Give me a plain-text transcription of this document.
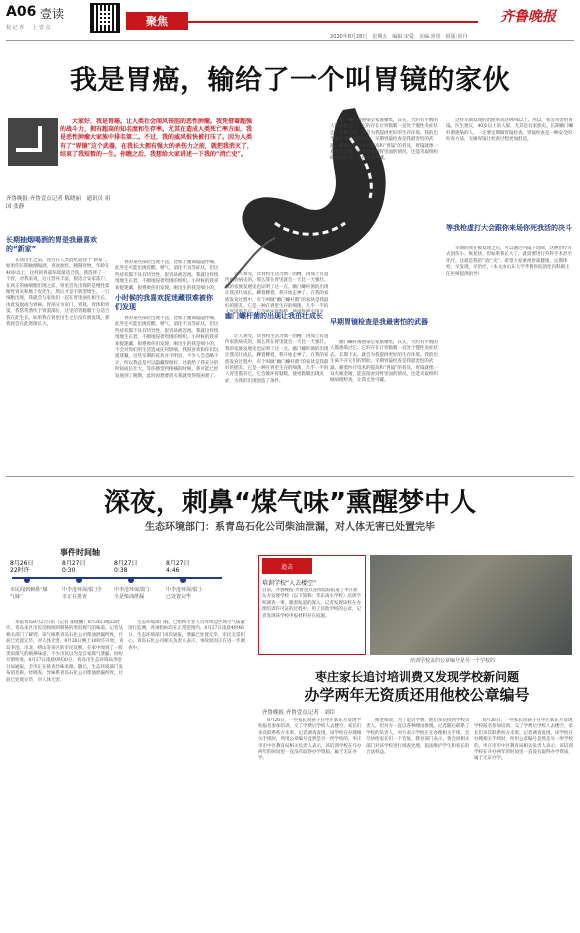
A06 壹读
校 记 者 　 上 壹 点	聚焦	齐鲁晚报
2020年8月28日　星期五　编辑:宋爱　美编:喜彤　组版:侯丹
我是胃癌，输给了一个叫胃镜的家伙
大家好，我是胃癌。让人类社会闻风丧胆的恶性肿瘤。我凭借着超强的战斗力，拥有超高的知名度和生存率。尤其在造成人类死亡率方面，我是恶性肿瘤大家族中排名第二。不过，我的威风很快被打压了。因为人类有了“胃镜”这个武器，在我长大拥有强大的杀伤力之前，就把我消灭了，结束了我短暂的一生。你瞧之后，我想给大家讲述一下我的“消亡史”。
齐鲁晚报·齐鲁壹点记者 陈晓丽　通讯员 祖国 张静
长期抽烟喝酒的胃是我最喜欢的“新家”
在我出生之前，我会在人类消化道找个“新家”。如果你长期抽烟喝酒，喜欢油炸、腌制食物，年龄在40岁以上，这样的胃部环境最适合我。我选择了一个胃，对我来说，这儿营养丰富，很适合安家落户。在真正的癌细胞出现之前，胃里首先出现的是慢性萎缩性胃炎和肠上皮化生，然后才是不典型增生。一旦细胞出现，我就会与家伙们一起在胃里面扎根生长、由此发展成为胃癌。胃部分为贲门、胃底、胃体和胃窦，我常常潜伏于胃窦部位，这里的胃黏膜十分适合我在此生长。如果我在胃里出生之后没有被发现，那我将会在此逐渐长大。
胃的某些部位出现不适，比如上腹部隐隐作痛。此外还可能出现反酸、嗳气、消化不良等症状，但这些症状都不具有特异性，很容易被忽视。我就这样悄悄地生长着，不断地侵袭周围的组织。小时候的我喜欢捉迷藏，很难被你们发现。刚出生的我是细小的，
小时候的我喜欢捉迷藏很难被你们发现
胃的某些部位出现不适，比如上腹部隐隐作痛。此外还可能出现反酸、嗳气、消化不良等症状，但这些症状都不具有特异性，很容易被忽视。我就这样悄悄地生长着，不断地侵袭周围的组织。小时候的我喜欢捉迷藏，很难被你们发现。刚出生的我是细小的，不会对你们的生活造成任何影响。我很喜欢和你们玩捉迷藏，这些早期的症状并不明显，不少人会忽略不计，所以我总是可以隐藏得很好。这就给了我充分的时间成长壮大。等你感觉到疼痛的时候，我可能已经发展到了晚期，此时再想要消灭我就变得很困难了。
让人难受，饮食和生活习惯一团糟，再加上有遗传家族病史的，那么我在胃里就会一天比一天强壮。我的家族发展史也证明了这一点。幽门螺杆菌的出现让我茁壮成长。聊着聊着，我开始走神了。在我的家族发育过程中，有个叫做“幽门螺杆菌”的家伙是我最好的朋友。它是一种在胃里生存的细菌，几乎一半的
幽门螺杆菌的出现让我茁壮成长
让人难受，饮食和生活习惯一团糟，再加上有遗传家族病史的，那么我在胃里就会一天比一天强壮。我的家族发展史也证明了这一点。幽门螺杆菌的出现让我茁壮成长。聊着聊着，我开始走神了。在我的家族发育过程中，有个叫做“幽门螺杆菌”的家伙是我最好的朋友。它是一种在胃里生存的细菌，几乎一半的人胃里都有它，它会破坏胃黏膜，使胃黏膜出现炎症，为我的出现创造了条件。
幽门螺杆菌感染呈家族聚集，其实，大约有半数的人都感染过它。它的存在让胃黏膜一直处于慢性炎症状态，长期下去，就会为我提供更好的生存环境。我的出生离不开它们的帮助。早期胃镜检查是我最害怕的武器。随着医疗技术的提高和“胃镜”的普及，胃镜就像一双火眼金睛，能直接看到胃里面的情况，还能夹取组织做病理检查，让我无处可藏。
早期胃镜检查是我最害怕的武器
幽门螺杆菌感染呈家族聚集，其实，大约有半数的人都感染过它。它的存在让胃黏膜一直处于慢性炎症状态，长期下去，就会为我提供更好的生存环境。我的出生离不开它们的帮助。早期胃镜检查是我最害怕的武器。随着医疗技术的提高和“胃镜”的普及，胃镜就像一双火眼金睛，能直接看到胃里面的情况，还能夹取组织做病理检查，让我无处可藏。
这样早期发现的治愈率高达90%以上。所以，我非常害怕胃镜。医生建议，40岁以上的人群，尤其是有家族史、长期幽门螺杆菌感染的人，一定要定期做胃镜检查。胃镜检查是一种安全的检查方法，无痛胃镜让检查过程更加舒适。
等我枪虚打大会跟你来场你死我活的决斗
早期的我在被发现之后，可以通过内镜下切除，这种治疗方式创伤小、恢复快。但如果我长大了，就需要进行外科手术甚至化疗。这就是我的“消亡史”。希望大家重视胃部健康，定期体检，早发现，早治疗。（本文由山东大学齐鲁医院消化内科副主任医师提供指导）
深夜，刺鼻“煤气味”熏醒梦中人
生态环境部门：系青岛石化公司柴油泄漏，对人体无害已处置完毕
事件时间轴
8月26日
22时许
市民闻到刺鼻“煤气味”
8月27日
0:30
中李沧环保部门全市正在排查
8月27日
0:38
中李沧环保部门：全是柴油泄漏
8月27日
4:46
中李沧环保部门：已处置完毕
本报青岛8月27日讯（记者 张晓鹏）8月26日晚22时许，青岛多区市民反映闻到刺鼻的类似煤气的味道。记者从相关部门了解到，该气味系青岛石化公司柴油泄漏所致，目前已处置完毕，对人体无害。8月26日晚上10时许开始，青岛李沧、市北、崂山等多区的市民反映，在家中闻到了一股类似煤气的刺鼻味道，不少市民以为是自家煤气泄漏，纷纷开窗检查。8月27日凌晨0时30分，青岛市生态环境局李沧分局通报，全市正在排查异味来源。随后，生态环境部门发布消息称，经调查，异味系青岛石化公司柴油泄漏所致，目前已处置完毕，对人体无害。
生态环境部门称，已组织专业人员对周边区域空气质量进行监测，各项指标均在正常范围内。8月27日凌晨4时46分，生态环境部门再次通报，泄漏已处置完毕，市民无需担心。青岛石化公司相关负责人表示，事故原因正在进一步调查中。
追击
培训学校“人去楼空”
目前，齐鲁晚报·齐鲁壹点连续追踪报道了枣庄新东方发现学校（以下简称：华东南水学校）培训学校调查一事，随着报道的深入，记者发现该校在办理培训许可证的过程中，用了其他学校的公章，记者发现该学校申报材料存在问题。
培训学校盖的公章编号是另一个学校的
枣庄家长追讨培训费又发现学校新问题
办学两年无资质还用他校公章编号
齐鲁晚报·齐鲁壹点记者　刘臣
8月26日，一些家长说孩子在枣庄新东方发现学校报名参加培训，交了学费后学校人去楼空，家长们多次联系校方未果。记者调查发现，该学校在办理相关手续时，所用公章编号竟然是另一所学校的。枣庄市市中区教育局相关负责人表示，该培训学校在开办两年的时间里一直没有取得办学资质，属于无证办学。
杨老师说，为了追讨学费，他们多次找到学校负责人，但对方一直以各种理由推脱。记者随后联系了学校的负责人，对方表示学校正在办理相关手续，会尽快给家长们一个答复。教育部门表示，将会同相关部门对该学校进行调查处理，依法维护学生和家长的合法权益。
8月26日，一些家长说孩子在枣庄新东方发现学校报名参加培训，交了学费后学校人去楼空，家长们多次联系校方未果。记者调查发现，该学校在办理相关手续时，所用公章编号竟然是另一所学校的。枣庄市市中区教育局相关负责人表示，该培训学校在开办两年的时间里一直没有取得办学资质，属于无证办学。
